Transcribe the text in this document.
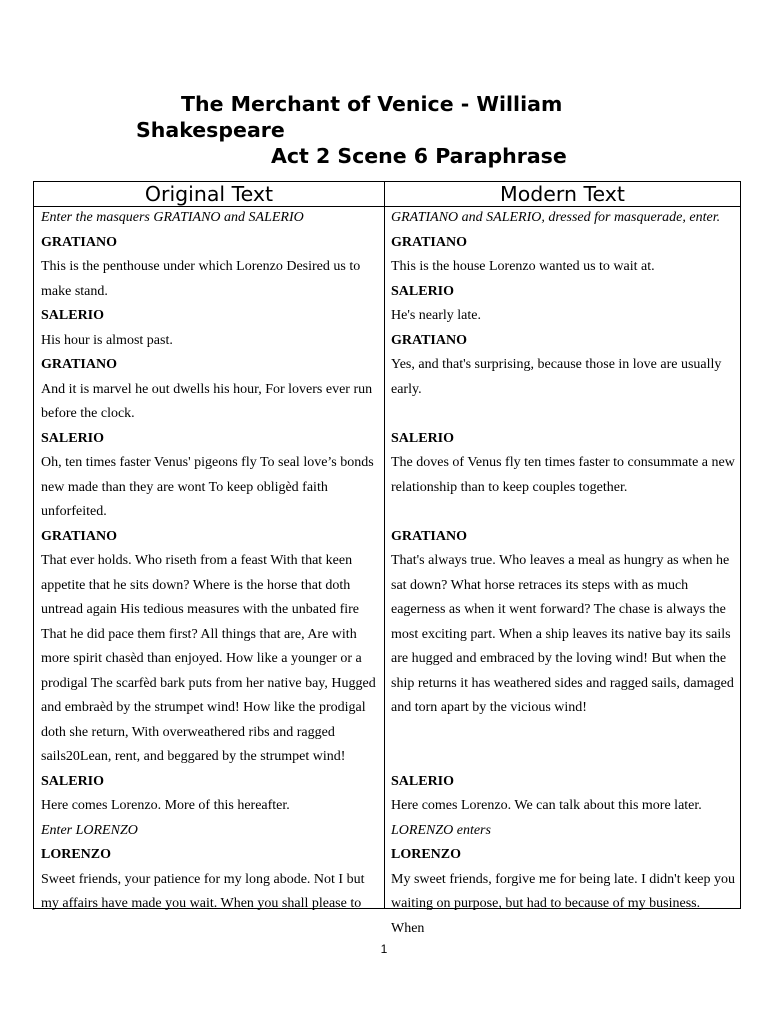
The Merchant of Venice - William
Shakespeare
Act 2 Scene 6 Paraphrase
Original Text	Modern Text

Enter the masquers GRATIANO and SALERIO

GRATIANO

This is the penthouse under which Lorenzo Desired us to make stand.

SALERIO

His hour is almost past.

GRATIANO

And it is marvel he out dwells his hour, For lovers ever run before the clock.

SALERIO

Oh, ten times faster Venus' pigeons fly To seal love’s bonds new made than they are wont To keep obligèd faith unforfeited.

GRATIANO

That ever holds. Who riseth from a feast With that keen appetite that he sits down? Where is the horse that doth untread again His tedious measures with the unbated fire That he did pace them first? All things that are, Are with more spirit chasèd than enjoyed. How like a younger or a prodigal The scarfèd bark puts from her native bay, Hugged and embraèd by the strumpet wind! How like the prodigal doth she return, With overweathered ribs and ragged sails20Lean, rent, and beggared by the strumpet wind!

SALERIO

Here comes Lorenzo. More of this hereafter.

Enter LORENZO

LORENZO

Sweet friends, your patience for my long abode. Not I but my affairs have made you wait. When you shall please to

GRATIANO and SALERIO, dressed for masquerade, enter.

GRATIANO

This is the house Lorenzo wanted us to wait at.

SALERIO

He's nearly late.

GRATIANO

Yes, and that's surprising, because those in love are usually early.

SALERIO

The doves of Venus fly ten times faster to consummate a new relationship than to keep couples together.

GRATIANO

That's always true. Who leaves a meal as hungry as when he sat down? What horse retraces its steps with as much eagerness as when it went forward? The chase is always the most exciting part. When a ship leaves its native bay its sails are hugged and embraced by the loving wind! But when the ship returns it has weathered sides and ragged sails, damaged and torn apart by the vicious wind!

SALERIO

Here comes Lorenzo. We can talk about this more later.

LORENZO enters

LORENZO

My sweet friends, forgive me for being late. I didn't keep you waiting on purpose, but had to because of my business. When

1
